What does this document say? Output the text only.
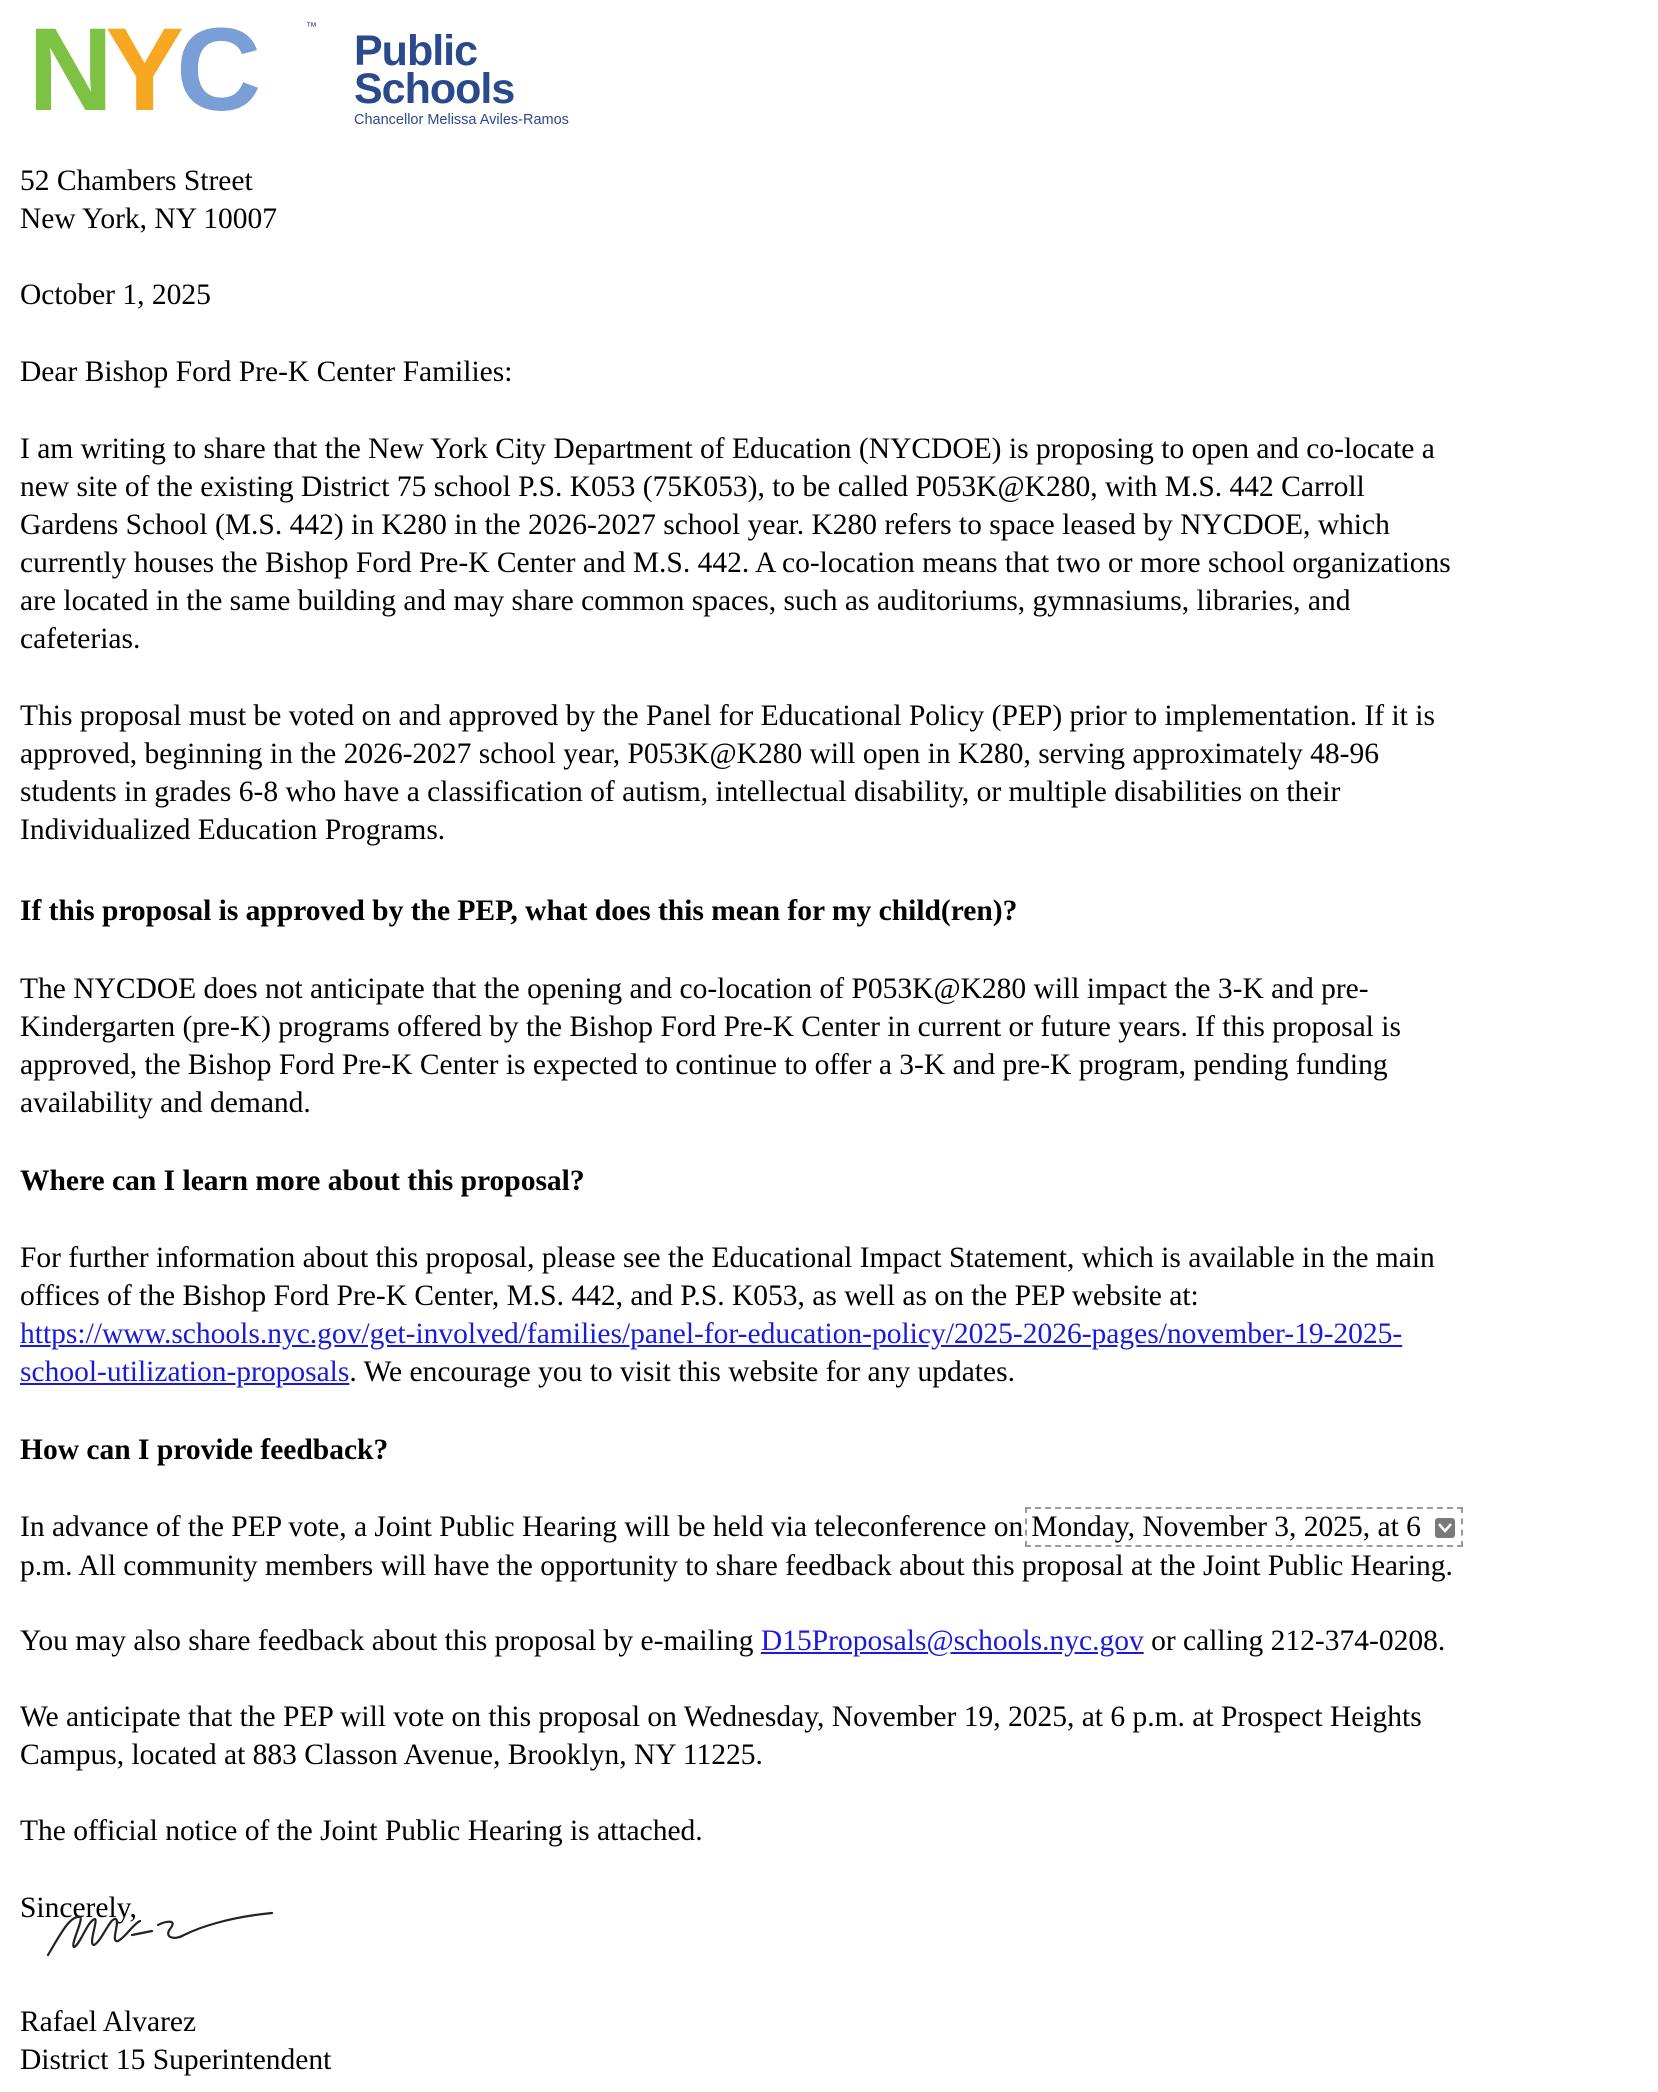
NYC	™ Public
Schools
Chancellor Melissa Aviles-Ramos
52 Chambers Street
New York, NY 10007
October 1, 2025
Dear Bishop Ford Pre-K Center Families:
I am writing to share that the New York City Department of Education (NYCDOE) is proposing to open and co-locate a
new site of the existing District 75 school P.S. K053 (75K053), to be called P053K@K280, with M.S. 442 Carroll
Gardens School (M.S. 442) in K280 in the 2026-2027 school year. K280 refers to space leased by NYCDOE, which
currently houses the Bishop Ford Pre-K Center and M.S. 442. A co-location means that two or more school organizations
are located in the same building and may share common spaces, such as auditoriums, gymnasiums, libraries, and
cafeterias.
This proposal must be voted on and approved by the Panel for Educational Policy (PEP) prior to implementation. If it is
approved, beginning in the 2026-2027 school year, P053K@K280 will open in K280, serving approximately 48-96
students in grades 6-8 who have a classification of autism, intellectual disability, or multiple disabilities on their
Individualized Education Programs.
If this proposal is approved by the PEP, what does this mean for my child(ren)?
The NYCDOE does not anticipate that the opening and co-location of P053K@K280 will impact the 3-K and pre-
Kindergarten (pre-K) programs offered by the Bishop Ford Pre-K Center in current or future years. If this proposal is
approved, the Bishop Ford Pre-K Center is expected to continue to offer a 3-K and pre-K program, pending funding
availability and demand.
Where can I learn more about this proposal?
For further information about this proposal, please see the Educational Impact Statement, which is available in the main
offices of the Bishop Ford Pre-K Center, M.S. 442, and P.S. K053, as well as on the PEP website at:
https://www.schools.nyc.gov/get-involved/families/panel-for-education-policy/2025-2026-pages/november-19-2025-
school-utilization-proposals. We encourage you to visit this website for any updates.
How can I provide feedback?
In advance of the PEP vote, a Joint Public Hearing will be held via teleconference on Monday, November 3, 2025, at 6
p.m. All community members will have the opportunity to share feedback about this proposal at the Joint Public Hearing.
You may also share feedback about this proposal by e-mailing D15Proposals@schools.nyc.gov or calling 212-374-0208.
We anticipate that the PEP will vote on this proposal on Wednesday, November 19, 2025, at 6 p.m. at Prospect Heights
Campus, located at 883 Classon Avenue, Brooklyn, NY 11225.
The official notice of the Joint Public Hearing is attached.
Sincerely,
Rafael Alvarez
District 15 Superintendent
